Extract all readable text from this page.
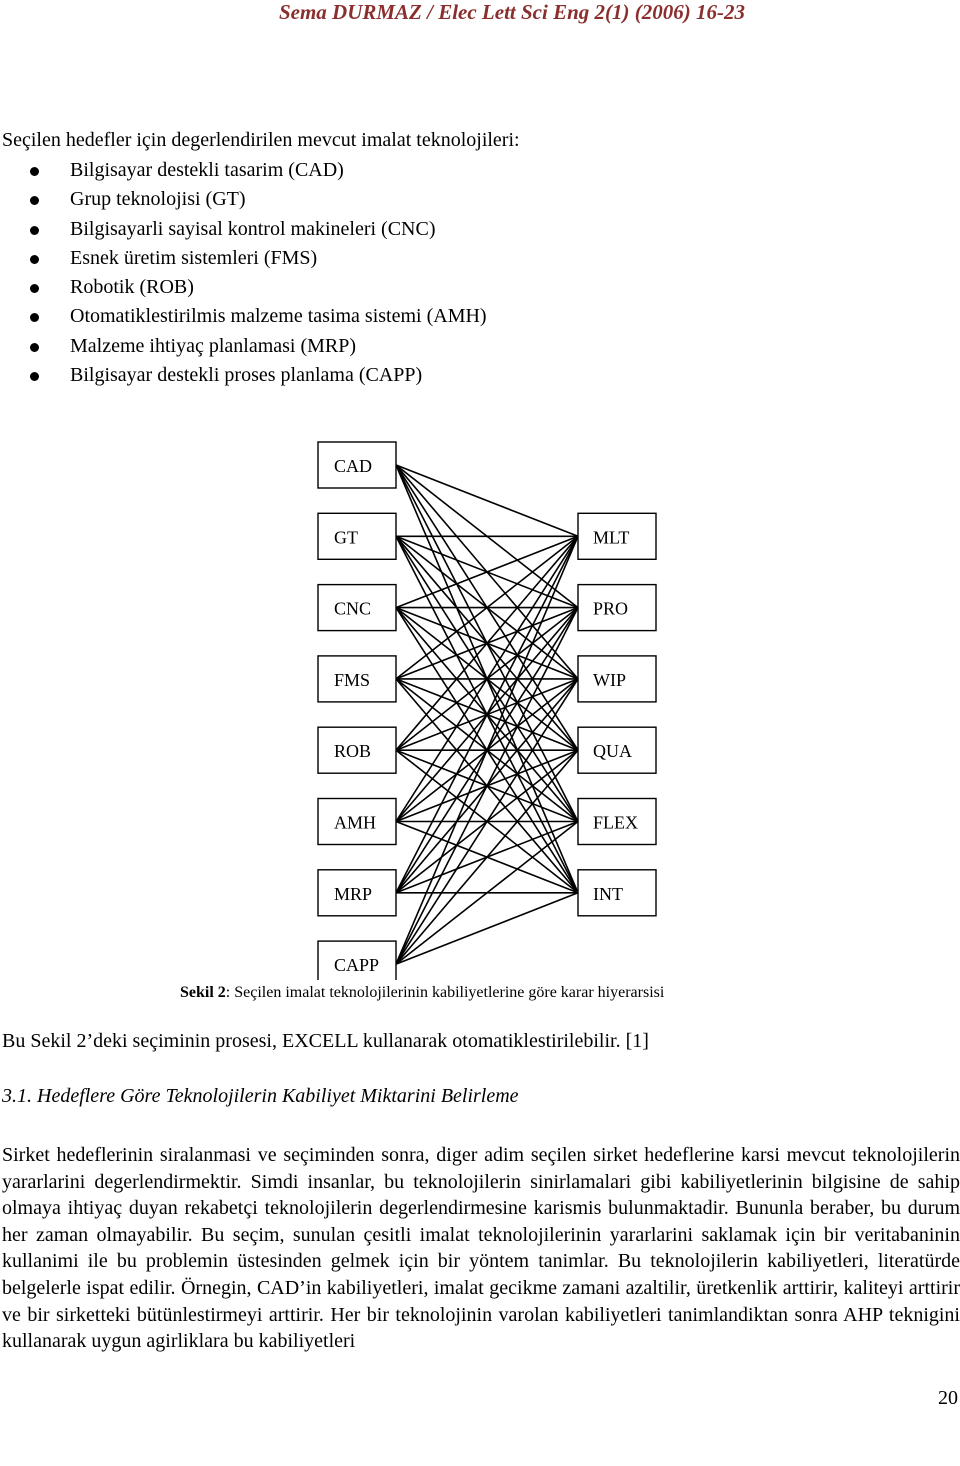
Sema DURMAZ / Elec Lett Sci Eng 2(1) (2006) 16-23
Seçilen hedefler için degerlendirilen mevcut imalat teknolojileri:
Bilgisayar destekli tasarim (CAD)
Grup teknolojisi (GT)
Bilgisayarli sayisal kontrol makineleri (CNC)
Esnek üretim sistemleri (FMS)
Robotik (ROB)
Otomatiklestirilmis malzeme tasima sistemi (AMH)
Malzeme ihtiyaç planlamasi (MRP)
Bilgisayar destekli proses planlama (CAPP)
CAD
GT
CNC
FMS
ROB
AMH
MRP
CAPP
MLT
PRO
WIP
QUA
FLEX
INT
Sekil 2: Seçilen imalat teknolojilerinin kabiliyetlerine göre karar hiyerarsisi
Bu Sekil 2’deki seçiminin prosesi, EXCELL kullanarak otomatiklestirilebilir. [1]
3.1. Hedeflere Göre Teknolojilerin Kabiliyet Miktarini Belirleme

Sirket hedeflerinin siralanmasi ve seçiminden sonra, diger adim seçilen sirket hedeflerine karsi mevcut teknolojilerin yararlarini degerlendirmektir. Simdi insanlar, bu teknolojilerin sinirlamalari gibi kabiliyetlerinin bilgisine de sahip olmaya ihtiyaç duyan rekabetçi teknolojilerin degerlendirmesine karismis bulunmaktadir. Bununla beraber, bu durum her zaman olmayabilir. Bu seçim, sunulan çesitli imalat teknolojilerinin yararlarini saklamak için bir veritabaninin kullanimi ile bu problemin üstesinden gelmek için bir yöntem tanimlar. Bu teknolojilerin kabiliyetleri, literatürde belgelerle ispat edilir. Örnegin, CAD’in kabiliyetleri, imalat gecikme zamani azaltilir, üretkenlik arttirir, kaliteyi arttirir ve bir sirketteki bütünlestirmeyi arttirir. Her bir teknolojinin varolan kabiliyetleri tanimlandiktan sonra AHP teknigini kullanarak uygun agirliklara bu kabiliyetleri

20
